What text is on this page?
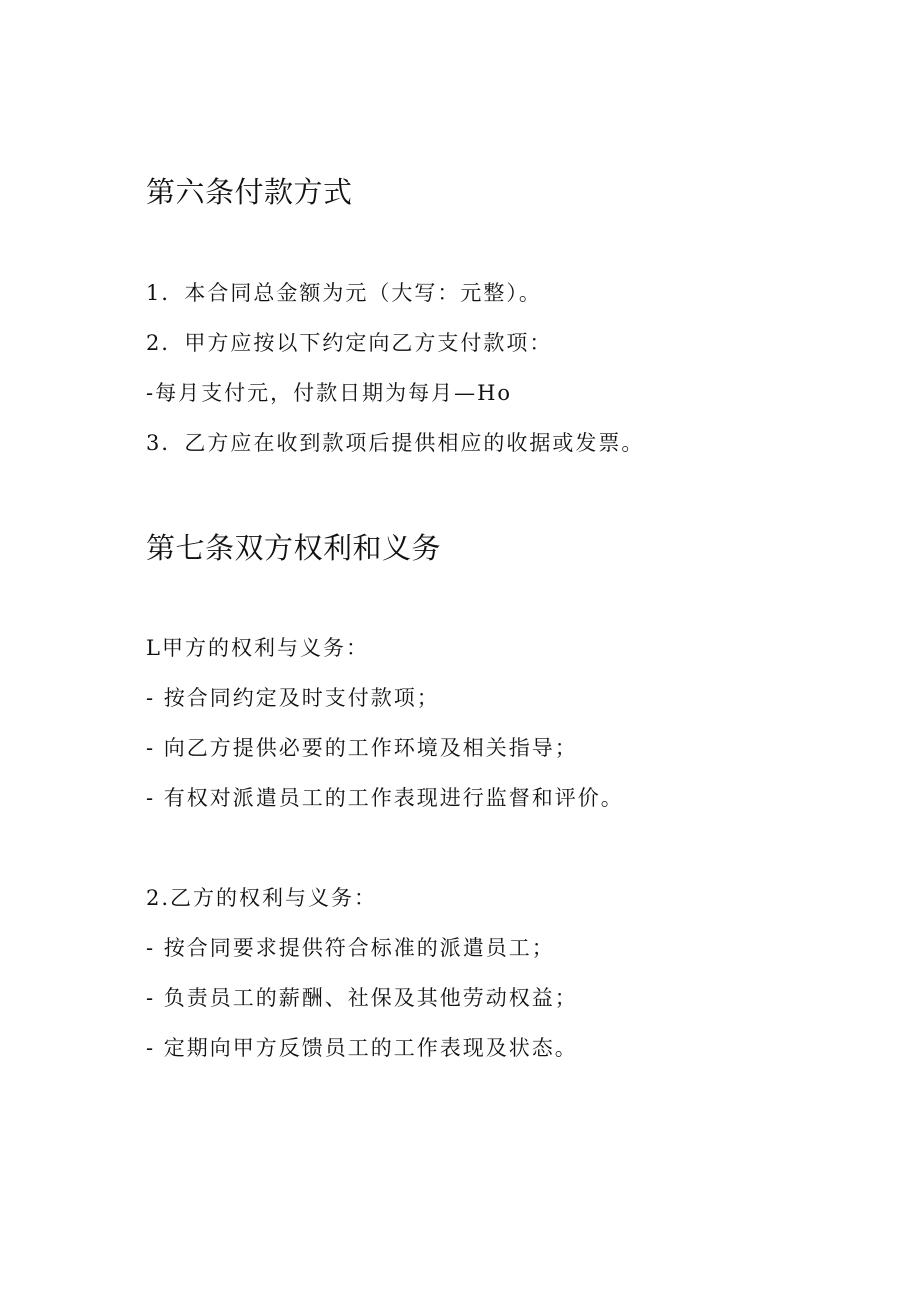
第六条付款方式

1．本合同总金额为元（大写：元整）。

2．甲方应按以下约定向乙方支付款项：

-每月支付元，付款日期为每月—Ho

3．乙方应在收到款项后提供相应的收据或发票。

第七条双方权利和义务

L甲方的权利与义务：

- 按合同约定及时支付款项；

- 向乙方提供必要的工作环境及相关指导；

- 有权对派遣员工的工作表现进行监督和评价。

2.乙方的权利与义务：

- 按合同要求提供符合标准的派遣员工；

- 负责员工的薪酬、社保及其他劳动权益；

- 定期向甲方反馈员工的工作表现及状态。
